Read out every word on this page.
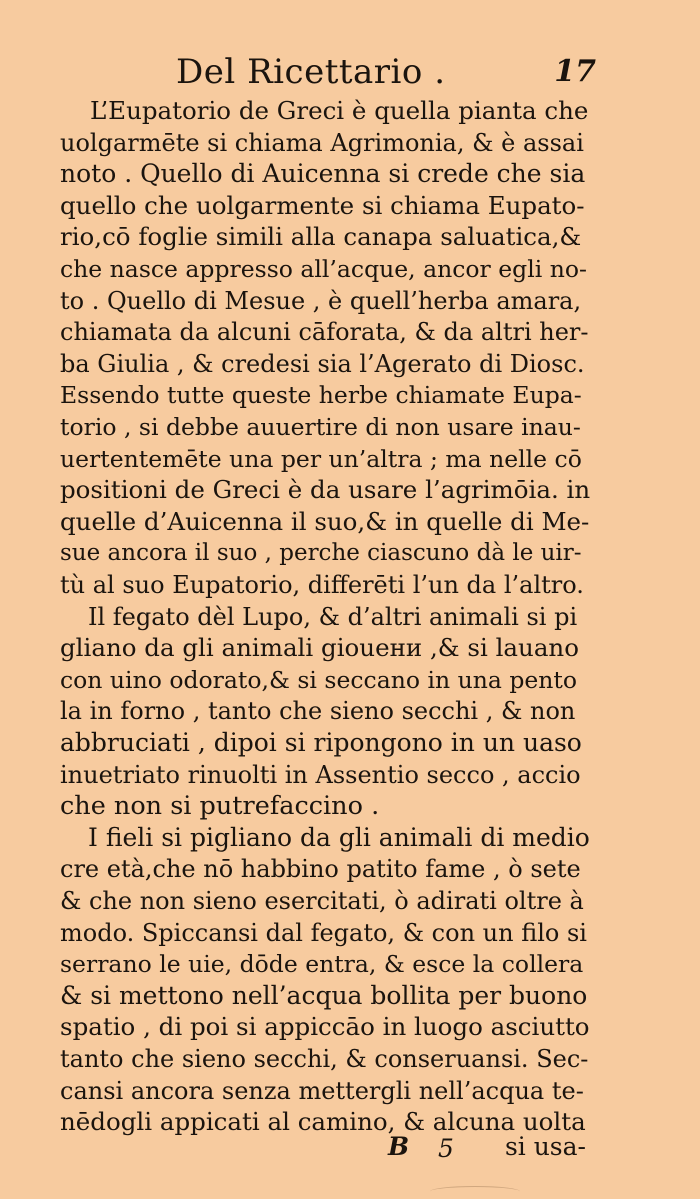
Del Ricettario .	17
L’Eupatorio de Greci è quella pianta che
uolgarmēte si chiama Agrimonia, & è assai
noto . Quello di Auicenna si crede che sia
quello che uolgarmente si chiama Eupato-
rio,cō foglie simili alla canapa saluatica,&
che nasce appresso all’acque, ancor egli no-
to . Quello di Mesue , è quell’herba amara,
chiamata da alcuni cāforata, & da altri her-
ba Giulia , & credesi sia l’Agerato di Diosc.
Essendo tutte queste herbe chiamate Eupa-
torio , si debbe auuertire di non usare inau-
uertentemēte una per un’altra ; ma nelle cō
positioni de Greci è da usare l’agrimōia. in
quelle d’Auicenna il suo,& in quelle di Me-
sue ancora il suo , perche ciascuno dà le uir-
tù al suo Eupatorio, differēti l’un da l’altro.
Il fegato dèl Lupo, & d’altri animali si pi
gliano da gli animali giouени ,& si lauano
con uino odorato,& si seccano in una pento
la in forno , tanto che sieno secchi , & non
abbruciati , dipoi si ripongono in un uaso
inuetriato rinuolti in Assentio secco , accio
che non si putrefaccino .
I fieli si pigliano da gli animali di medio
cre età,che nō habbino patito fame , ò sete
& che non sieno esercitati, ò adirati oltre à
modo. Spiccansi dal fegato, & con un filo si
serrano le uie, dōde entra, & esce la collera
& si mettono nell’acqua bollita per buono
spatio , di poi si appiccāo in luogo asciutto
tanto che sieno secchi, & conseruansi. Sec-
cansi ancora senza mettergli nell’acqua te-
nēdogli appicati al camino, & alcuna uolta
B 5 si usa-
